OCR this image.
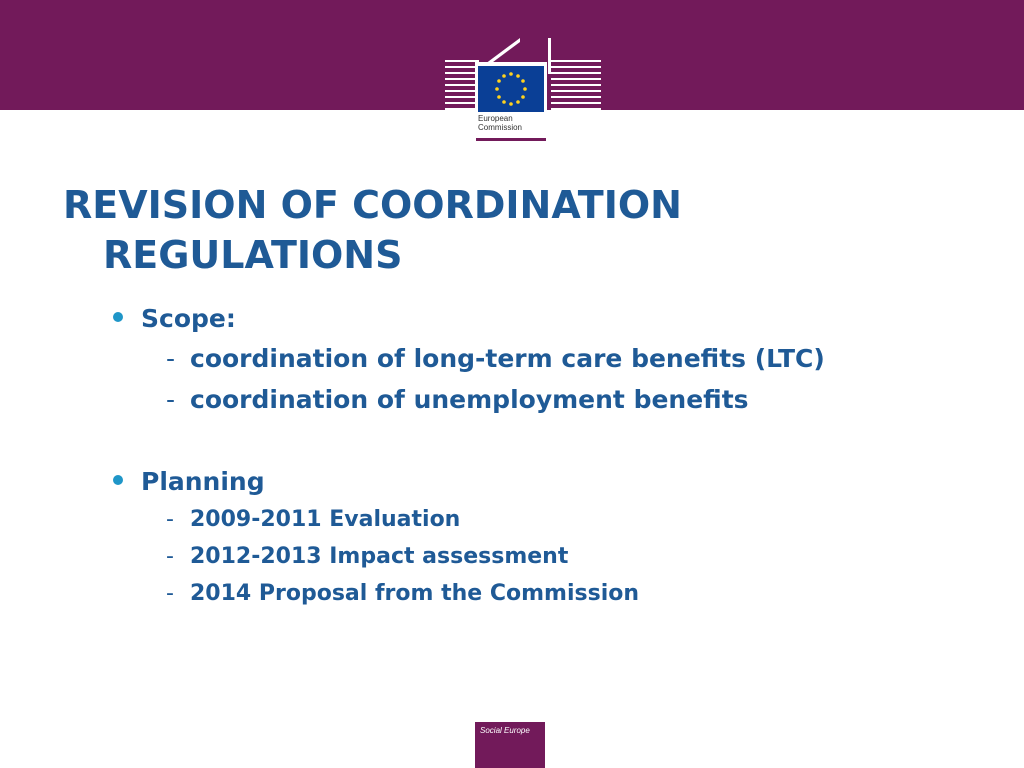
European
Commission
REVISION OF COORDINATION
REGULATIONS
Scope:
- coordination of long-term care benefits (LTC)
- coordination of unemployment benefits
Planning
- 2009-2011 Evaluation
- 2012-2013 Impact assessment
- 2014 Proposal from the Commission
Social Europe
